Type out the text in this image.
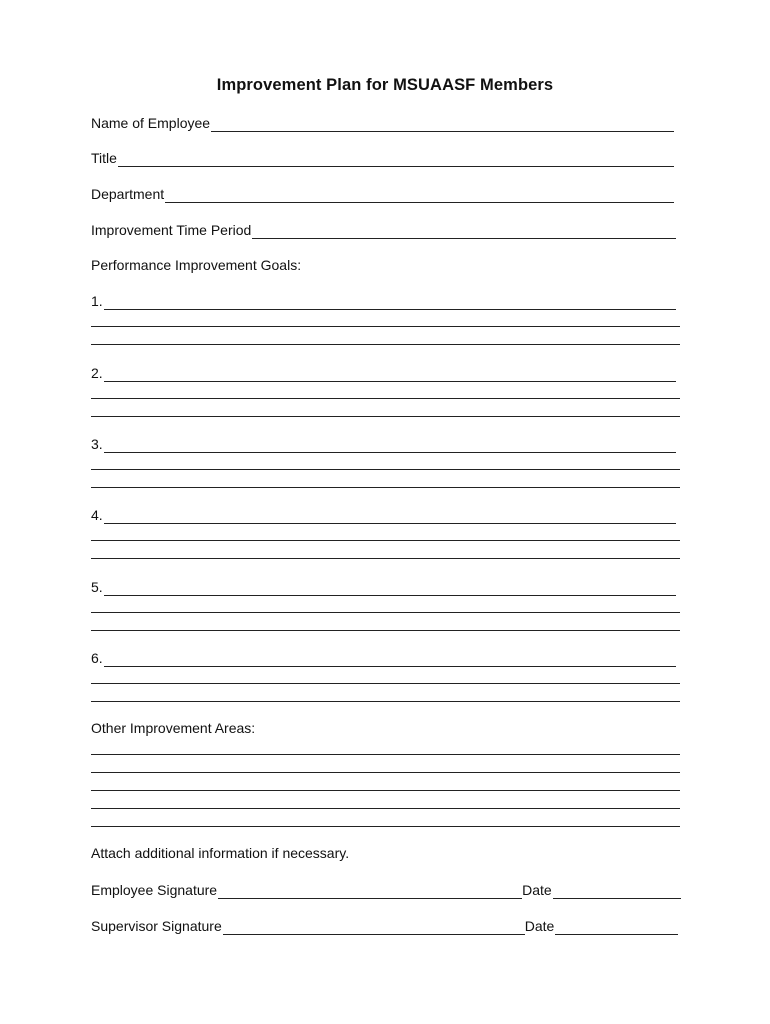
Improvement Plan for MSUAASF Members
Name of Employee
Title
Department
Improvement Time Period
Performance Improvement Goals:
1.
2.
3.
4.
5.
6.
Other Improvement Areas:
Attach additional information if necessary.
Employee Signature	Date
Supervisor Signature	Date
